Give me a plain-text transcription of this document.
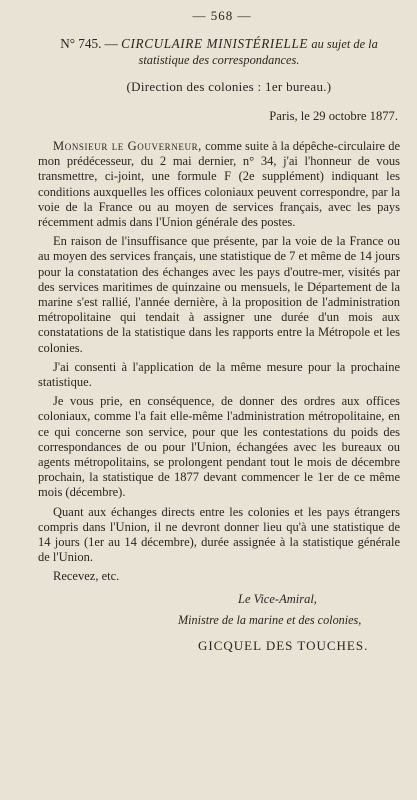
— 568 —
N° 745. — CIRCULAIRE MINISTÉRIELLE au sujet de la statistique des correspondances.
(Direction des colonies : 1er bureau.)
Paris, le 29 octobre 1877.

Monsieur le Gouverneur, comme suite à la dépêche-circulaire de mon prédécesseur, du 2 mai dernier, n° 34, j'ai l'honneur de vous transmettre, ci-joint, une formule F (2e supplément) indiquant les conditions auxquelles les offices coloniaux peuvent correspondre, par la voie de la France ou au moyen de services français, avec les pays récemment admis dans l'Union générale des postes.

En raison de l'insuffisance que présente, par la voie de la France ou au moyen des services français, une statistique de 7 et même de 14 jours pour la constatation des échanges avec les pays d'outre-mer, visités par des services maritimes de quinzaine ou mensuels, le Département de la marine s'est rallié, l'année dernière, à la proposition de l'administration métropolitaine qui tendait à assigner une durée d'un mois aux constatations de la statistique dans les rapports entre la Métropole et les colonies.

J'ai consenti à l'application de la même mesure pour la prochaine statistique.

Je vous prie, en conséquence, de donner des ordres aux offices coloniaux, comme l'a fait elle-même l'administration métropolitaine, en ce qui concerne son service, pour que les contestations du poids des correspondances de ou pour l'Union, échangées avec les bureaux ou agents métropolitains, se prolongent pendant tout le mois de décembre prochain, la statistique de 1877 devant commencer le 1er de ce même mois (décembre).

Quant aux échanges directs entre les colonies et les pays étrangers compris dans l'Union, il ne devront donner lieu qu'à une statistique de 14 jours (1er au 14 décembre), durée assignée à la statistique générale de l'Union.

Recevez, etc.
Le Vice-Amiral,
Ministre de la marine et des colonies,
GICQUEL DES TOUCHES.
